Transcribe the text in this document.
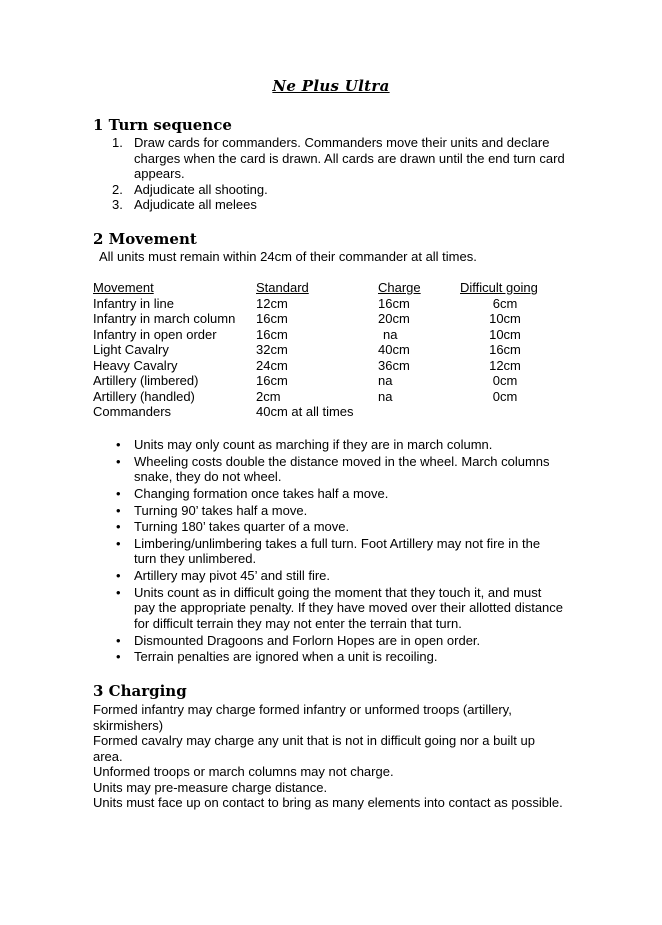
Ne Plus Ultra
1 Turn sequence
1. Draw cards for commanders. Commanders move their units and declare charges when the card is drawn. All cards are drawn until the end turn card appears.
2. Adjudicate all shooting.
3. Adjudicate all melees
2 Movement

All units must remain within 24cm of their commander at all times.

Movement	Standard	Charge	Difficult going
Infantry in line	12cm	16cm	6cm
Infantry in march column	16cm	20cm	10cm
Infantry in open order	16cm	na	10cm
Light Cavalry	32cm	40cm	16cm
Heavy Cavalry	24cm	36cm	12cm
Artillery (limbered)	16cm	na	0cm
Artillery (handled)	2cm	na	0cm
Commanders	40cm at all times		
• Units may only count as marching if they are in march column.
• Wheeling costs double the distance moved in the wheel. March columns snake, they do not wheel.
• Changing formation once takes half a move.
• Turning 90’ takes half a move.
• Turning 180’ takes quarter of a move.
• Limbering/unlimbering takes a full turn. Foot Artillery may not fire in the turn they unlimbered.
• Artillery may pivot 45’ and still fire.
• Units count as in difficult going the moment that they touch it, and must pay the appropriate penalty. If they have moved over their allotted distance for difficult terrain they may not enter the terrain that turn.
• Dismounted Dragoons and Forlorn Hopes are in open order.
• Terrain penalties are ignored when a unit is recoiling.
3 Charging

Formed infantry may charge formed infantry or unformed troops (artillery, skirmishers)

Formed cavalry may charge any unit that is not in difficult going nor a built up area.

Unformed troops or march columns may not charge.

Units may pre-measure charge distance.

Units must face up on contact to bring as many elements into contact as possible.
